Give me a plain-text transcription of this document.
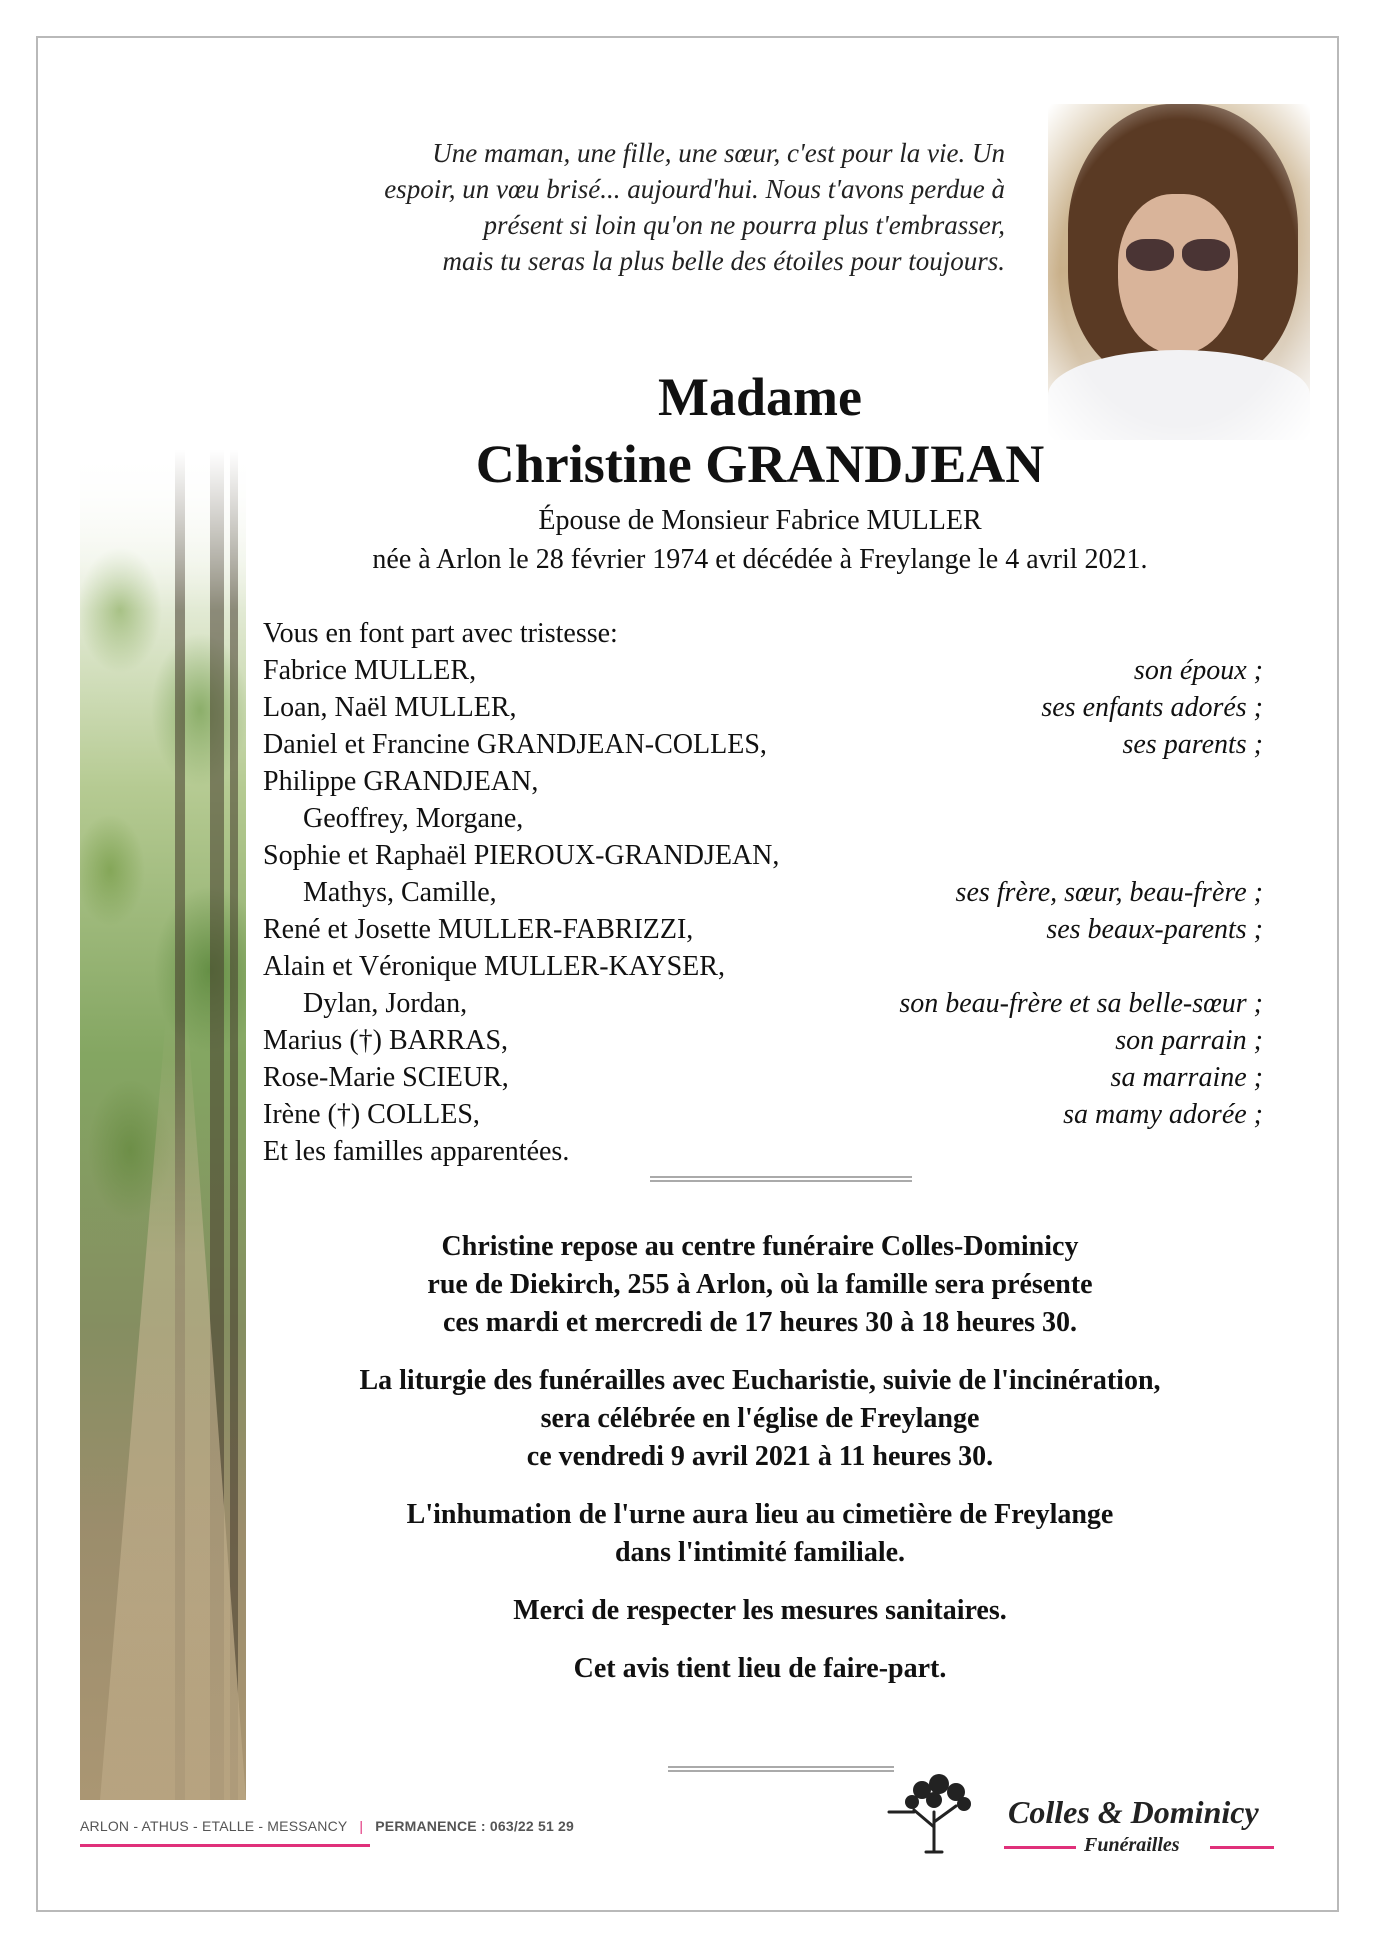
Une maman, une fille, une sœur, c'est pour la vie. Un

espoir, un vœu brisé... aujourd'hui. Nous t'avons perdue à

présent si loin qu'on ne pourra plus t'embrasser,

mais tu seras la plus belle des étoiles pour toujours.

Madame
Christine GRANDJEAN
Épouse de Monsieur Fabrice MULLER
née à Arlon le 28 février 1974 et décédée à Freylange le 4 avril 2021.
Vous en font part avec tristesse:
Fabrice MULLER,	son époux ;
Loan, Naël MULLER,	ses enfants adorés ;
Daniel et Francine GRANDJEAN-COLLES,	ses parents ;
Philippe GRANDJEAN,
Geoffrey, Morgane,
Sophie et Raphaël PIEROUX-GRANDJEAN,
Mathys, Camille,	ses frère, sœur, beau-frère ;
René et Josette MULLER-FABRIZZI,	ses beaux-parents ;
Alain et Véronique MULLER-KAYSER,
Dylan, Jordan,	son beau-frère et sa belle-sœur ;
Marius (†) BARRAS,	son parrain ;
Rose-Marie SCIEUR,	sa marraine ;
Irène (†) COLLES,	sa mamy adorée ;
Et les familles apparentées.

Christine repose au centre funéraire Colles-Dominicy
rue de Diekirch, 255 à Arlon, où la famille sera présente
ces mardi et mercredi de 17 heures 30 à 18 heures 30.

La liturgie des funérailles avec Eucharistie, suivie de l'incinération,
sera célébrée en l'église de Freylange
ce vendredi 9 avril 2021 à 11 heures 30.

L'inhumation de l'urne aura lieu au cimetière de Freylange
dans l'intimité familiale.

Merci de respecter les mesures sanitaires.

Cet avis tient lieu de faire-part.

ARLON - ATHUS - ETALLE - MESSANCY | PERMANENCE : 063/22 51 29	Colles & Dominicy
Funérailles
